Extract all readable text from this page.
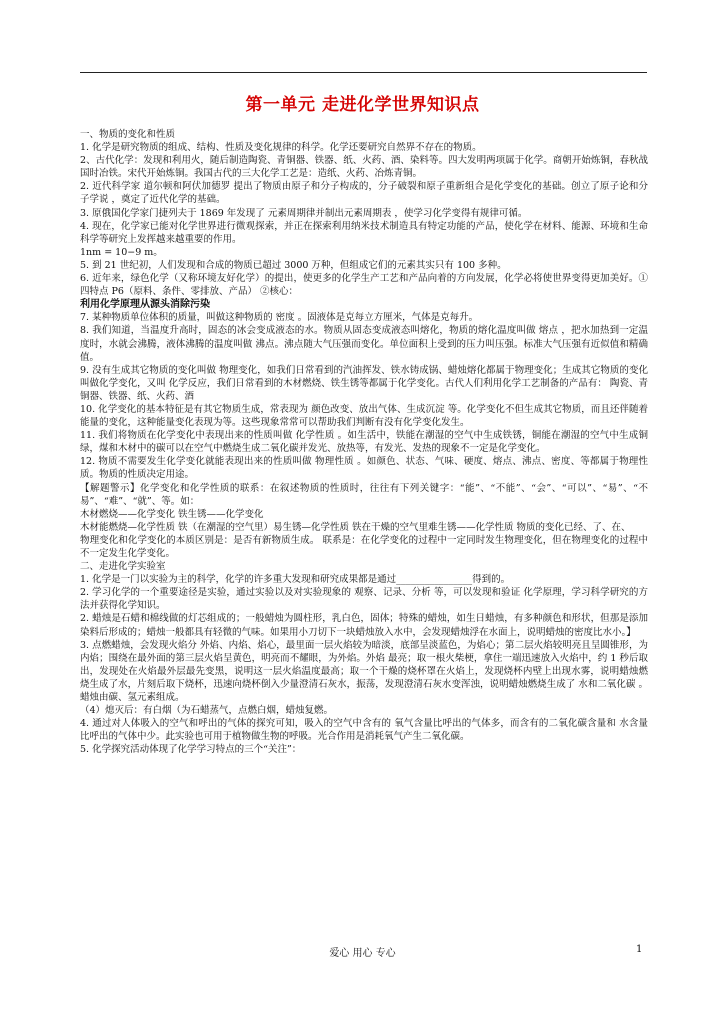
第一单元 走进化学世界知识点

一、物质的变化和性质

1. 化学是研究物质的组成、结构、性质及变化规律的科学。化学还要研究自然界不存在的物质。

2、古代化学：发现和利用火，随后制造陶瓷、青铜器、铁器、纸、火药、酒、染料等。四大发明两项属于化学。商朝开始炼铜，春秋战国时冶铁。宋代开始炼铜。我国古代的三大化学工艺是：造纸、火药、冶炼青铜。

2. 近代科学家 道尔顿和阿伏加德罗 提出了物质由原子和分子构成的，分子破裂和原子重新组合是化学变化的基础。创立了原子论和分子学说 ，奠定了近代化学的基础。

3. 原俄国化学家门捷列夫于 1869 年发现了 元素周期律并制出元素周期表 ，使学习化学变得有规律可循。

4. 现在，化学家已能对化学世界进行微观探索，并正在探索利用纳米技术制造具有特定功能的产品，使化学在材料、能源、环境和生命科学等研究上发挥越来越重要的作用。

1nm = 10−9 m。

5. 到 21 世纪初，人们发现和合成的物质已超过 3000 万种，但组成它们的元素其实只有 100 多种。

6. 近年来，绿色化学（又称环境友好化学）的提出，使更多的化学生产工艺和产品向着的方向发展，化学必将使世界变得更加美好。①四特点 P6（原料、条件、零排放、产品） ②核心：

利用化学原理从源头消除污染

7. 某种物质单位体积的质量，叫做这种物质的 密度 。固液体是克每立方厘米，气体是克每升。

8. 我们知道，当温度升高时，固态的冰会变成液态的水。物质从固态变成液态叫熔化，物质的熔化温度叫做 熔点 ，把水加热到一定温度时，水就会沸腾，液体沸腾的温度叫做 沸点。沸点随大气压强而变化。单位面积上受到的压力叫压强。标准大气压强有近似值和精确值。

9. 没有生成其它物质的变化叫做 物理变化，如我们日常看到的汽油挥发、铁水铸成锅、蜡烛熔化都属于物理变化；生成其它物质的变化叫做化学变化，又叫 化学反应，我们日常看到的木材燃烧、铁生锈等都属于化学变化。古代人们利用化学工艺制备的产品有： 陶瓷、青铜器、铁器、纸、火药、酒

10. 化学变化的基本特征是有其它物质生成，常表现为 颜色改变、放出气体、生成沉淀 等。化学变化不但生成其它物质，而且还伴随着能量的变化，这种能量变化表现为等。这些现象常常可以帮助我们判断有没有化学变化发生。

11. 我们将物质在化学变化中表现出来的性质叫做 化学性质 。如生活中，铁能在潮湿的空气中生成铁锈，铜能在潮湿的空气中生成铜绿，煤和木材中的碳可以在空气中燃烧生成二氧化碳并发光、放热等，有发光、发热的现象不一定是化学变化。

12. 物质不需要发生化学变化就能表现出来的性质叫做 物理性质 。如颜色、状态、气味、硬度、熔点、沸点、密度、等都属于物理性质。物质的性质决定用途。

【解题警示】化学变化和化学性质的联系：在叙述物质的性质时，往往有下列关键字：“能”、“不能”、“会”、“可以”、“易”、“不易”、“难”、“就”、等。如：

木材燃烧——化学变化 铁生锈——化学变化

木材能燃烧—化学性质 铁（在潮湿的空气里）易生锈—化学性质 铁在干燥的空气里难生锈——化学性质 物质的变化已经、了、在、

物理变化和化学变化的本质区别是：是否有新物质生成。 联系是：在化学变化的过程中一定同时发生物理变化，但在物理变化的过程中不一定发生化学变化。

二、走进化学实验室

1. 化学是一门以实验为主的科学，化学的许多重大发现和研究成果都是通过________________得到的。

2. 学习化学的一个重要途径是实验，通过实验以及对实验现象的 观察、记录、分析 等，可以发现和验证 化学原理，学习科学研究的方法并获得化学知识。

2. 蜡烛是石蜡和棉线做的灯芯组成的；一般蜡烛为圆柱形，乳白色，固体；特殊的蜡烛，如生日蜡烛，有多种颜色和形状，但那是添加染料后形成的；蜡烛一般都具有轻微的气味。如果用小刀切下一块蜡烛放入水中，会发现蜡烛浮在水面上，说明蜡烛的密度比水小。】

3. 点燃蜡烛，会发现火焰分 外焰、内焰、焰心，最里面一层火焰较为暗淡，底部呈淡蓝色，为焰心；第二层火焰较明亮且呈圆锥形，为内焰；围绕在最外面的第三层火焰呈黄色，明亮而不耀眼，为外焰。外焰 最亮；取一根火柴梗，拿住一端迅速放入火焰中，约 1 秒后取出，发现处在火焰最外层最先变黑，说明这一层火焰温度最高；取一个干燥的烧杯罩在火焰上，发现烧杯内壁上出现水雾，说明蜡烛燃烧生成了水，片刻后取下烧杯，迅速向烧杯倒入少量澄清石灰水，振荡，发现澄清石灰水变浑浊，说明蜡烛燃烧生成了 水和二氧化碳 。蜡烛由碳、氢元素组成。

（4）熄灭后：有白烟（为石蜡蒸气，点燃白烟，蜡烛复燃。

4. 通过对人体吸入的空气和呼出的气体的探究可知，吸入的空气中含有的 氧气含量比呼出的气体多，而含有的二氧化碳含量和 水含量比呼出的气体中少。此实验也可用于植物做生物的呼吸。光合作用是消耗氧气产生二氧化碳。

5. 化学探究活动体现了化学学习特点的三个“关注”：

爱心 用心 专心	1
